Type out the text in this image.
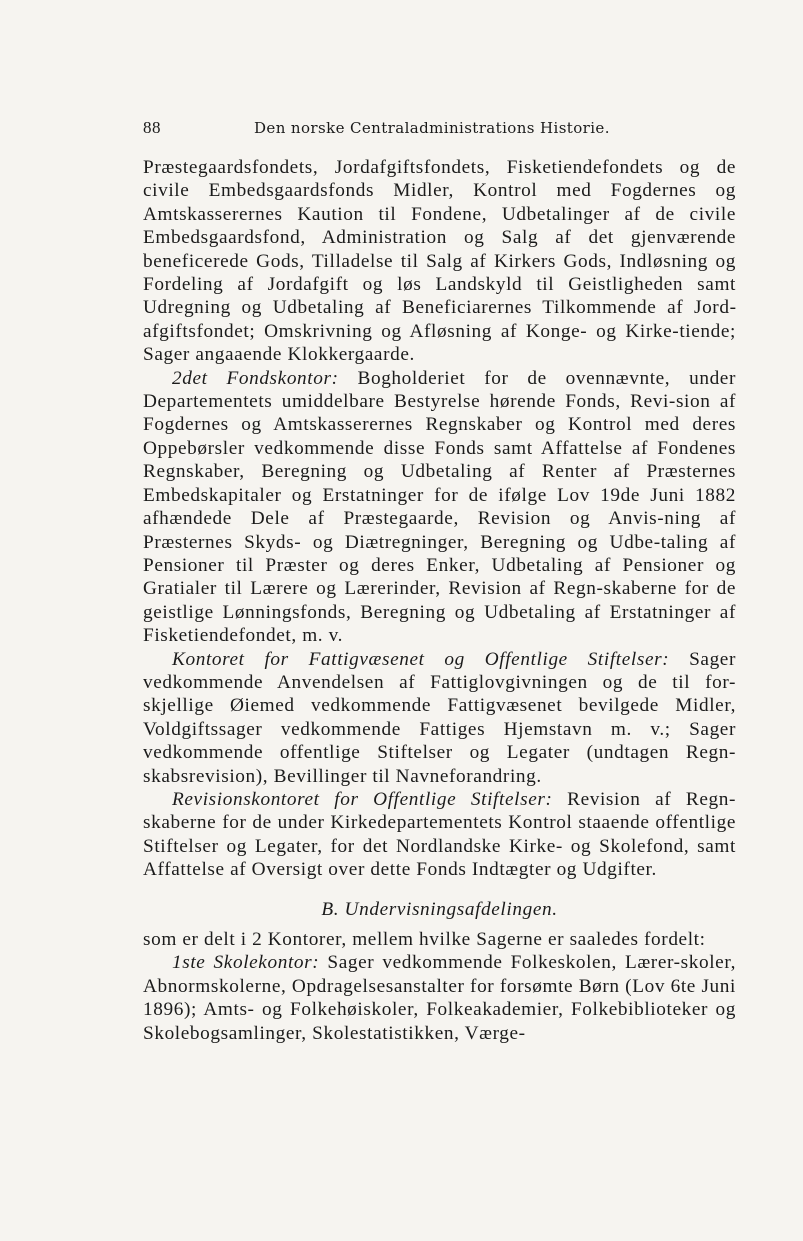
88	Den norske Centraladministrations Historie.

Præstegaardsfondets, Jordafgiftsfondets, Fisketiendefondets og de civile Embedsgaardsfonds Midler, Kontrol med Fogdernes og Amtskasserernes Kaution til Fondene, Udbetalinger af de civile Embedsgaardsfond, Administration og Salg af det gjenværende beneficerede Gods, Tilladelse til Salg af Kirkers Gods, Indløsning og Fordeling af Jordafgift og løs Landskyld til Geistligheden samt Udregning og Udbetaling af Beneficiarernes Tilkommende af Jordafgiftsfondet; Omskrivning og Afløsning af Konge- og Kirke-tiende; Sager angaaende Klokkergaarde.

2det Fondskontor: Bogholderiet for de ovennævnte, under Departementets umiddelbare Bestyrelse hørende Fonds, Revi-sion af Fogdernes og Amtskasserernes Regnskaber og Kontrol med deres Oppebørsler vedkommende disse Fonds samt Affattelse af Fondenes Regnskaber, Beregning og Udbetaling af Renter af Præsternes Embedskapitaler og Erstatninger for de ifølge Lov 19de Juni 1882 afhændede Dele af Præstegaarde, Revision og Anvis-ning af Præsternes Skyds- og Diætregninger, Beregning og Udbe-taling af Pensioner til Præster og deres Enker, Udbetaling af Pensioner og Gratialer til Lærere og Lærerinder, Revision af Regn-skaberne for de geistlige Lønningsfonds, Beregning og Udbetaling af Erstatninger af Fisketiendefondet, m. v.

Kontoret for Fattigvæsenet og Offentlige Stiftelser: Sager vedkommende Anvendelsen af Fattiglovgivningen og de til for-skjellige Øiemed vedkommende Fattigvæsenet bevilgede Midler, Voldgiftssager vedkommende Fattiges Hjemstavn m. v.; Sager vedkommende offentlige Stiftelser og Legater (undtagen Regn-skabsrevision), Bevillinger til Navneforandring.

Revisionskontoret for Offentlige Stiftelser: Revision af Regn-skaberne for de under Kirkedepartementets Kontrol staaende offentlige Stiftelser og Legater, for det Nordlandske Kirke- og Skolefond, samt Affattelse af Oversigt over dette Fonds Indtægter og Udgifter.

B. Undervisningsafdelingen.

som er delt i 2 Kontorer, mellem hvilke Sagerne er saaledes fordelt:

1ste Skolekontor: Sager vedkommende Folkeskolen, Lærer-skoler, Abnormskolerne, Opdragelsesanstalter for forsømte Børn (Lov 6te Juni 1896); Amts- og Folkehøiskoler, Folkeakademier, Folkebiblioteker og Skolebogsamlinger, Skolestatistikken, Værge-
